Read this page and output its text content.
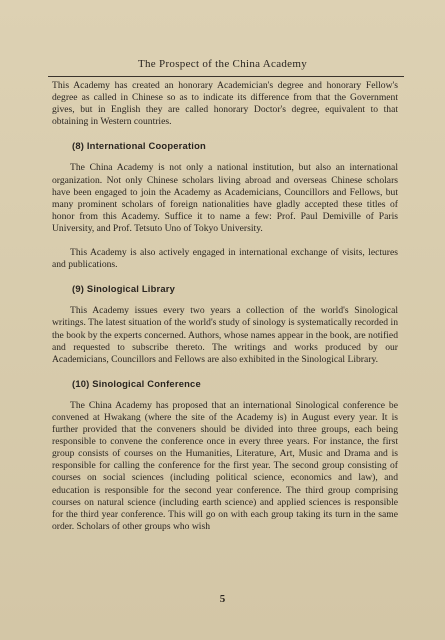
The Prospect of the China Academy

This Academy has created an honorary Academician's degree and honorary Fellow's degree as called in Chinese so as to indicate its difference from that the Government gives, but in English they are called honorary Doctor's degree, equivalent to that obtaining in Western countries.

(8) International Cooperation

The China Academy is not only a national institution, but also an international organization. Not only Chinese scholars living abroad and overseas Chinese scholars have been engaged to join the Academy as Academicians, Councillors and Fellows, but many prominent scholars of foreign nationalities have gladly accepted these titles of honor from this Academy. Suffice it to name a few: Prof. Paul Demiville of Paris University, and Prof. Tetsuto Uno of Tokyo University.

This Academy is also actively engaged in international exchange of visits, lectures and publications.

(9) Sinological Library

This Academy issues every two years a collection of the world's Sinological writings. The latest situation of the world's study of sinology is systematically recorded in the book by the experts concerned. Authors, whose names appear in the book, are notified and requested to subscribe thereto. The writings and works produced by our Academicians, Councillors and Fellows are also exhibited in the Sinological Library.

(10) Sinological Conference

The China Academy has proposed that an international Sinological conference be convened at Hwakang (where the site of the Academy is) in August every year. It is further provided that the conveners should be divided into three groups, each being responsible to convene the conference once in every three years. For instance, the first group consists of courses on the Humanities, Literature, Art, Music and Drama and is responsible for calling the conference for the first year. The second group consisting of courses on social sciences (including political science, economics and law), and education is responsible for the second year conference. The third group comprising courses on natural science (including earth science) and applied sciences is responsible for the third year conference. This will go on with each group taking its turn in the same order. Scholars of other groups who wish

5
